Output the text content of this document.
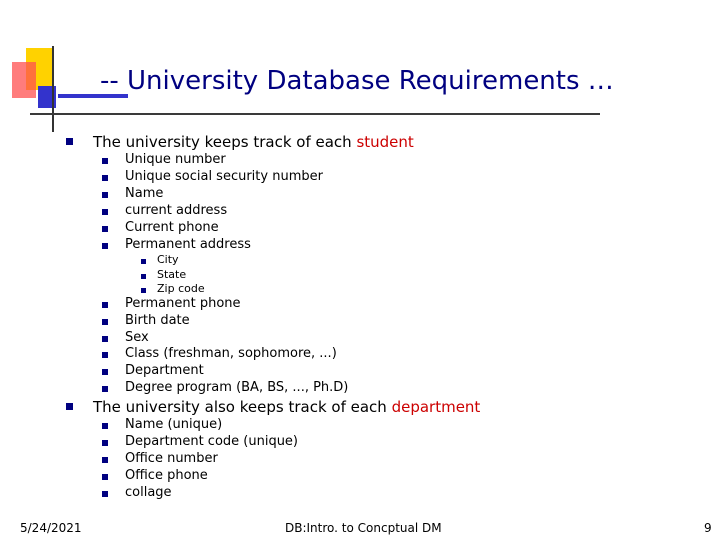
-- University Database Requirements …
The university keeps track of each student
Unique number
Unique social security number
Name
current address
Current phone
Permanent address
City
State
Zip code
Permanent phone
Birth date
Sex
Class (freshman, sophomore, ...)
Department
Degree program (BA, BS, ..., Ph.D)
The university also keeps track of each department
Name (unique)
Department code (unique)
Office number
Office phone
collage
5/24/2021	DB:Intro. to Concptual DM	9
